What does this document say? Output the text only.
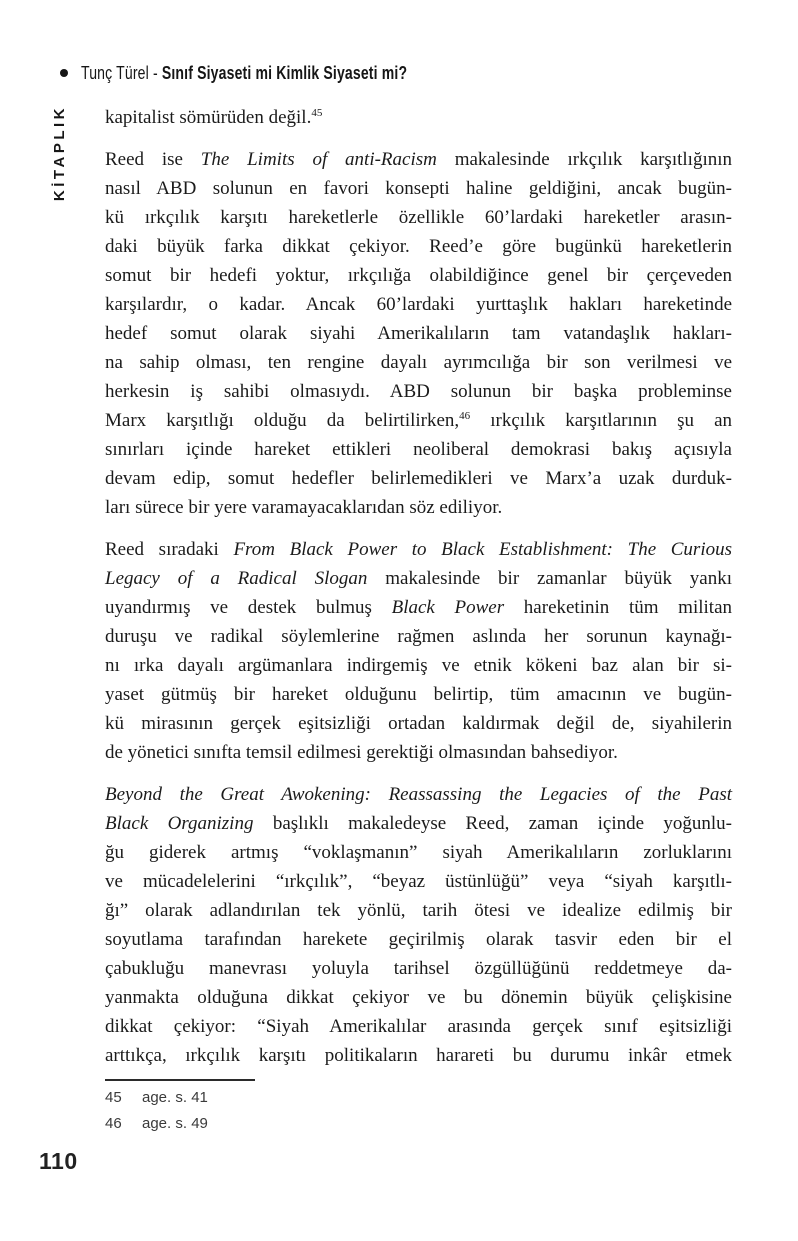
Tunç Türel - Sınıf Siyaseti mi Kimlik Siyaseti mi?
KİTAPLIK kapitalist sömürüden değil.$^{45}$
Reed ise The Limits of anti-Racism makalesinde ırkçılık karşıtlığının
nasıl ABD solunun en favori konsepti haline geldiğini, ancak bugün-
kü ırkçılık karşıtı hareketlerle özellikle 60’lardaki hareketler arasın-
daki büyük farka dikkat çekiyor. Reed’e göre bugünkü hareketlerin
somut bir hedefi yoktur, ırkçılığa olabildiğince genel bir çerçeveden
karşılardır, o kadar. Ancak 60’lardaki yurttaşlık hakları hareketinde
hedef somut olarak siyahi Amerikalıların tam vatandaşlık hakları-
na sahip olması, ten rengine dayalı ayrımcılığa bir son verilmesi ve
herkesin iş sahibi olmasıydı. ABD solunun bir başka probleminse
Marx karşıtlığı olduğu da belirtilirken,$^{46}$ ırkçılık karşıtlarının şu an
sınırları içinde hareket ettikleri neoliberal demokrasi bakış açısıyla
devam edip, somut hedefler belirlemedikleri ve Marx’a uzak durduk-
ları sürece bir yere varamayacaklarıdan söz ediliyor.
Reed sıradaki From Black Power to Black Establishment: The Curious
Legacy of a Radical Slogan makalesinde bir zamanlar büyük yankı
uyandırmış ve destek bulmuş Black Power hareketinin tüm militan
duruşu ve radikal söylemlerine rağmen aslında her sorunun kaynağı-
nı ırka dayalı argümanlara indirgemiş ve etnik kökeni baz alan bir si-
yaset gütmüş bir hareket olduğunu belirtip, tüm amacının ve bugün-
kü mirasının gerçek eşitsizliği ortadan kaldırmak değil de, siyahilerin
de yönetici sınıfta temsil edilmesi gerektiği olmasından bahsediyor.
Beyond the Great Awokening: Reassassing the Legacies of the Past
Black Organizing başlıklı makaledeyse Reed, zaman içinde yoğunlu-
ğu giderek artmış “voklaşmanın” siyah Amerikalıların zorluklarını
ve mücadelelerini “ırkçılık”, “beyaz üstünlüğü” veya “siyah karşıtlı-
ğı” olarak adlandırılan tek yönlü, tarih ötesi ve idealize edilmiş bir
soyutlama tarafından harekete geçirilmiş olarak tasvir eden bir el
çabukluğu manevrası yoluyla tarihsel özgüllüğünü reddetmeye da-
yanmakta olduğuna dikkat çekiyor ve bu dönemin büyük çelişkisine
dikkat çekiyor: “Siyah Amerikalılar arasında gerçek sınıf eşitsizliği
arttıkça, ırkçılık karşıtı politikaların harareti bu durumu inkâr etmek
45	age. s. 41
46	age. s. 49
110
